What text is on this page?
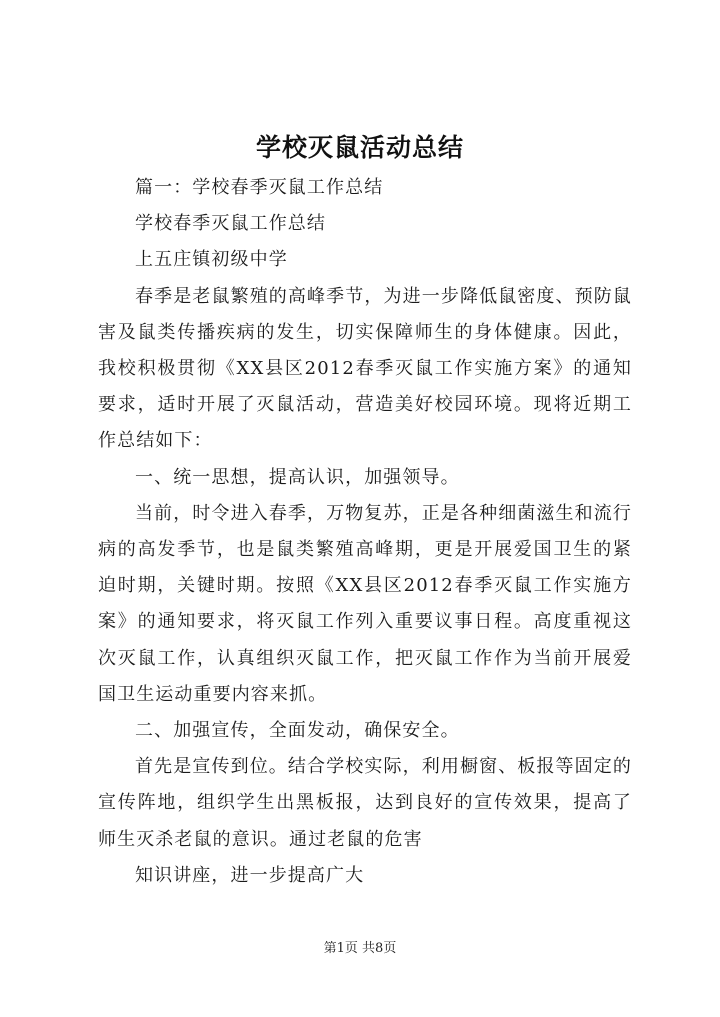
学校灭鼠活动总结

篇一：学校春季灭鼠工作总结

学校春季灭鼠工作总结

上五庄镇初级中学

春季是老鼠繁殖的高峰季节，为进一步降低鼠密度、预防鼠害及鼠类传播疾病的发生，切实保障师生的身体健康。因此，我校积极贯彻《XX县区2012春季灭鼠工作实施方案》的通知要求，适时开展了灭鼠活动，营造美好校园环境。现将近期工作总结如下：

一、统一思想，提高认识，加强领导。

当前，时令进入春季，万物复苏，正是各种细菌滋生和流行病的高发季节，也是鼠类繁殖高峰期，更是开展爱国卫生的紧迫时期，关键时期。按照《XX县区2012春季灭鼠工作实施方案》的通知要求，将灭鼠工作列入重要议事日程。高度重视这次灭鼠工作，认真组织灭鼠工作，把灭鼠工作作为当前开展爱国卫生运动重要内容来抓。

二、加强宣传，全面发动，确保安全。

首先是宣传到位。结合学校实际，利用橱窗、板报等固定的宣传阵地，组织学生出黑板报，达到良好的宣传效果，提高了师生灭杀老鼠的意识。通过老鼠的危害

知识讲座，进一步提高广大

第1页 共8页
